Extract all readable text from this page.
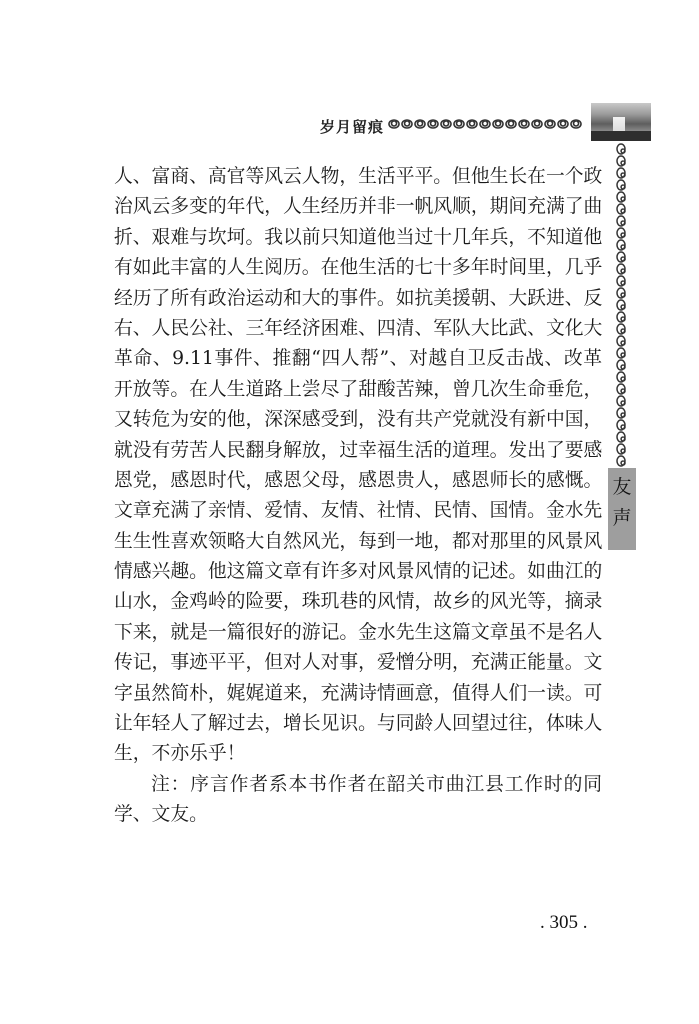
岁月留痕
友
声
人、富商、高官等风云人物，生活平平。但他生长在一个政
治风云多变的年代，人生经历并非一帆风顺，期间充满了曲
折、艰难与坎坷。我以前只知道他当过十几年兵，不知道他
有如此丰富的人生阅历。在他生活的七十多年时间里，几乎
经历了所有政治运动和大的事件。如抗美援朝、大跃进、反
右、人民公社、三年经济困难、四清、军队大比武、文化大
革命、9.11事件、推翻“四人帮”、对越自卫反击战、改革
开放等。在人生道路上尝尽了甜酸苦辣，曾几次生命垂危，
又转危为安的他，深深感受到，没有共产党就没有新中国，
就没有劳苦人民翻身解放，过幸福生活的道理。发出了要感
恩党，感恩时代，感恩父母，感恩贵人，感恩师长的感慨。
文章充满了亲情、爱情、友情、社情、民情、国情。金水先
生生性喜欢领略大自然风光，每到一地，都对那里的风景风
情感兴趣。他这篇文章有许多对风景风情的记述。如曲江的
山水，金鸡岭的险要，珠玑巷的风情，故乡的风光等，摘录
下来，就是一篇很好的游记。金水先生这篇文章虽不是名人
传记，事迹平平，但对人对事，爱憎分明，充满正能量。文
字虽然简朴，娓娓道来，充满诗情画意，值得人们一读。可
让年轻人了解过去，增长见识。与同龄人回望过往，体味人
生，不亦乐乎！
注：序言作者系本书作者在韶关市曲江县工作时的同
学、文友。
. 305 .
